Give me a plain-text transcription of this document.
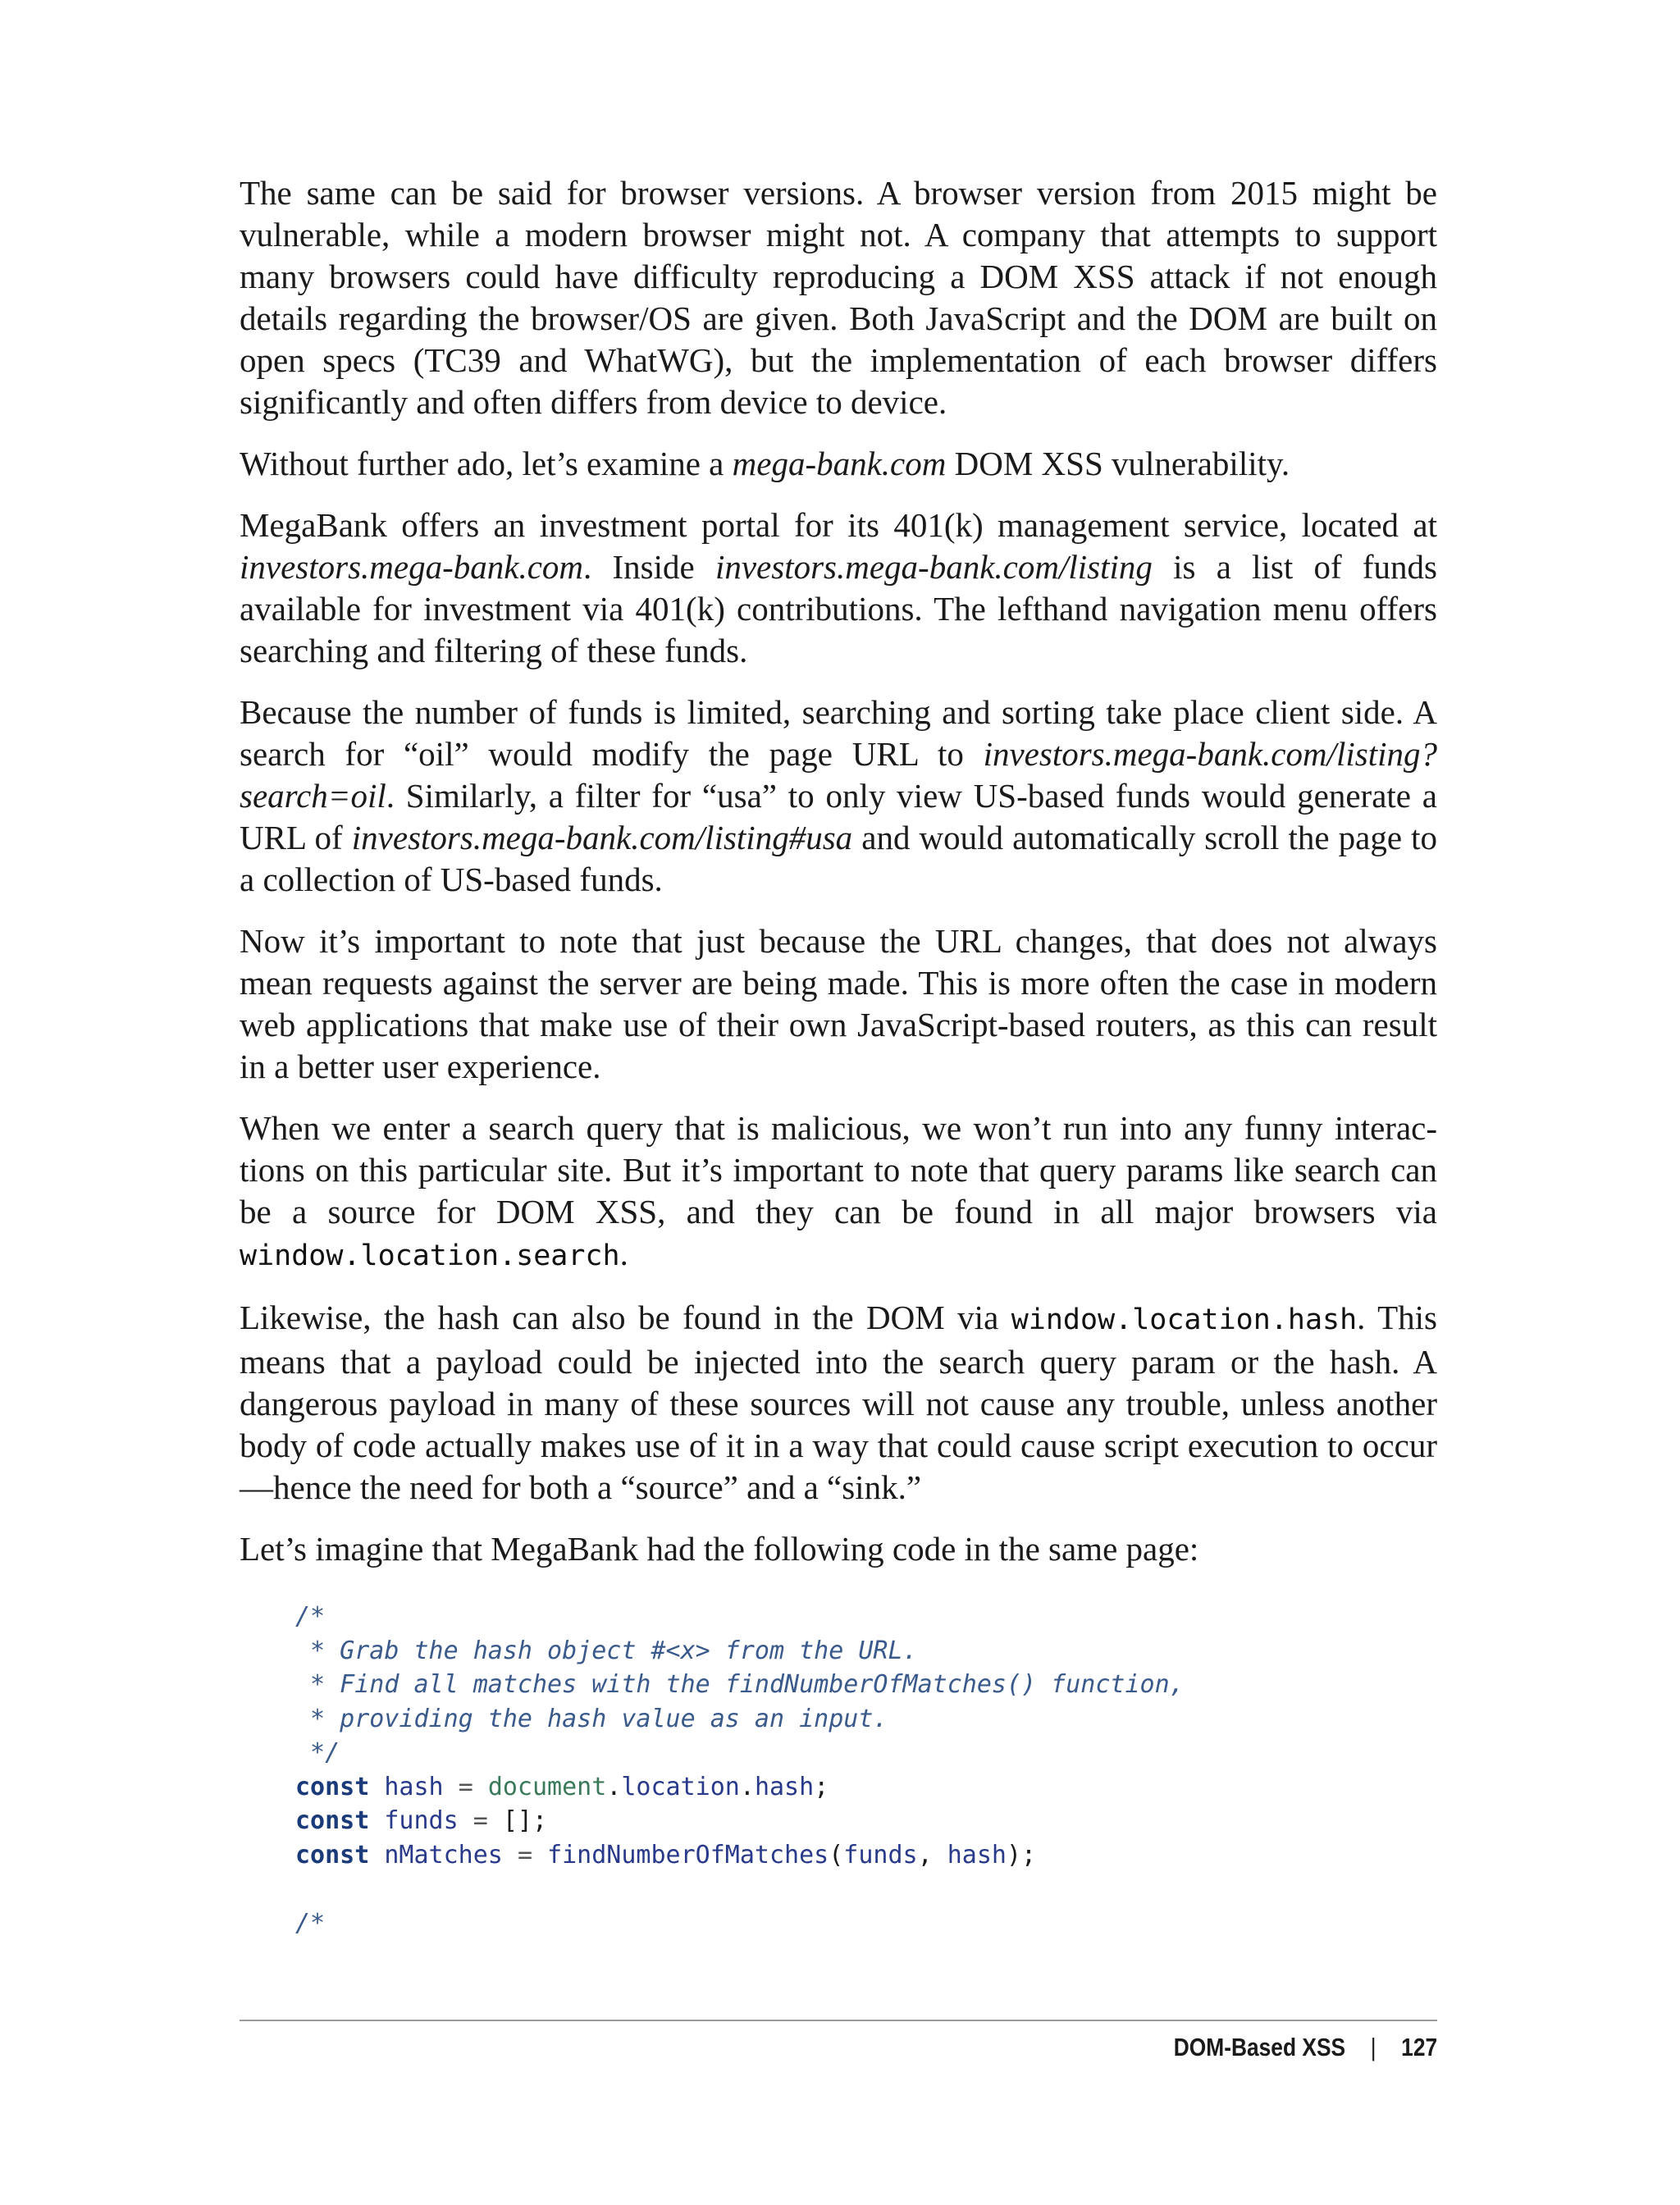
The same can be said for browser versions. A browser version from 2015 might be vulnerable, while a modern browser might not. A company that attempts to support many browsers could have difficulty reproducing a DOM XSS attack if not enough details regarding the browser/OS are given. Both JavaScript and the DOM are built on open specs (TC39 and WhatWG), but the implementation of each browser differs significantly and often differs from device to device.

Without further ado, let’s examine a mega-bank.com DOM XSS vulnerability.

MegaBank offers an investment portal for its 401(k) management service, located at investors.mega-bank.com. Inside investors.mega-bank.com/listing is a list of funds available for investment via 401(k) contributions. The lefthand navigation menu offers searching and filtering of these funds.

Because the number of funds is limited, searching and sorting take place client side. A search for “oil” would modify the page URL to investors.mega-bank.com/listing?search=oil. Similarly, a filter for “usa” to only view US-based funds would generate a URL of investors.mega-bank.com/listing#usa and would automatically scroll the page to a collection of US-based funds.

Now it’s important to note that just because the URL changes, that does not always mean requests against the server are being made. This is more often the case in modern web applications that make use of their own JavaScript-based routers, as this can result in a better user experience.

When we enter a search query that is malicious, we won’t run into any funny interactions on this particular site. But it’s important to note that query params like search can be a source for DOM XSS, and they can be found in all major browsers via window.location.search.

Likewise, the hash can also be found in the DOM via window.location.hash. This means that a payload could be injected into the search query param or the hash. A dangerous payload in many of these sources will not cause any trouble, unless another body of code actually makes use of it in a way that could cause script execution to occur—hence the need for both a “source” and a “sink.”

Let’s imagine that MegaBank had the following code in the same page:

/*
* Grab the hash object #<x> from the URL.
* Find all matches with the findNumberOfMatches() function,
* providing the hash value as an input.
*/
const hash = document.location.hash;
const funds = [];
const nMatches = findNumberOfMatches(funds, hash);

/*
DOM-Based XSS | 127
